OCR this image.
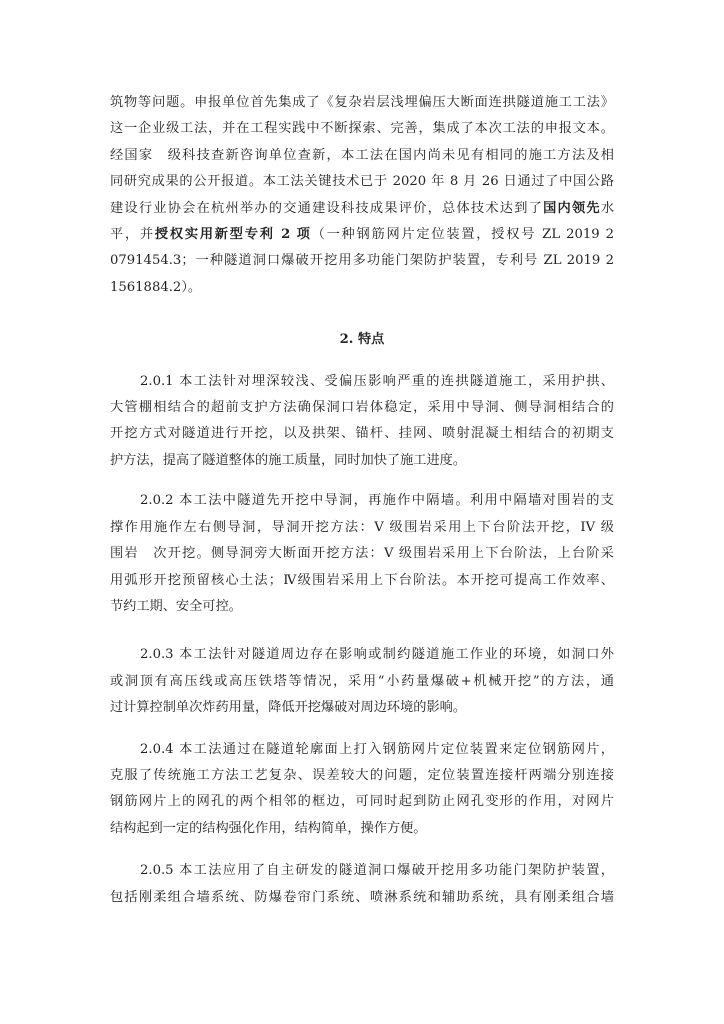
筑物等问题。申报单位首先集成了《复杂岩层浅埋偏压大断面连拱隧道施工工法》
这一企业级工法，并在工程实践中不断探索、完善，集成了本次工法的申报文本。
经国家　级科技查新咨询单位查新，本工法在国内尚未见有相同的施工方法及相
同研究成果的公开报道。本工法关键技术已于 2020 年 8 月 26 日通过了中国公路
建设行业协会在杭州举办的交通建设科技成果评价，总体技术达到了国内领先水
平，并授权实用新型专利 2 项（一种钢筋网片定位装置，授权号 ZL 2019 2
0791454.3；一种隧道洞口爆破开挖用多功能门架防护装置，专利号 ZL 2019 2
1561884.2）。
2. 特点
2.0.1 本工法针对埋深较浅、受偏压影响严重的连拱隧道施工，采用护拱、
大管棚相结合的超前支护方法确保洞口岩体稳定，采用中导洞、侧导洞相结合的
开挖方式对隧道进行开挖，以及拱架、锚杆、挂网、喷射混凝土相结合的初期支
护方法，提高了隧道整体的施工质量，同时加快了施工进度。
2.0.2 本工法中隧道先开挖中导洞，再施作中隔墙。利用中隔墙对围岩的支
撑作用施作左右侧导洞，导洞开挖方法：V 级围岩采用上下台阶法开挖，IV 级
围岩　次开挖。侧导洞旁大断面开挖方法：V 级围岩采用上下台阶法，上台阶采
用弧形开挖预留核心土法；Ⅳ级围岩采用上下台阶法。本开挖可提高工作效率、
节约工期、安全可控。
2.0.3 本工法针对隧道周边存在影响或制约隧道施工作业的环境，如洞口外
或洞顶有高压线或高压铁塔等情况，采用“小药量爆破+机械开挖”的方法，通
过计算控制单次炸药用量，降低开挖爆破对周边环境的影响。
2.0.4 本工法通过在隧道轮廓面上打入钢筋网片定位装置来定位钢筋网片，
克服了传统施工方法工艺复杂、误差较大的问题，定位装置连接杆两端分别连接
钢筋网片上的网孔的两个相邻的框边，可同时起到防止网孔变形的作用，对网片
结构起到一定的结构强化作用，结构简单，操作方便。
2.0.5 本工法应用了自主研发的隧道洞口爆破开挖用多功能门架防护装置，
包括刚柔组合墙系统、防爆卷帘门系统、喷淋系统和辅助系统，具有刚柔组合墙
